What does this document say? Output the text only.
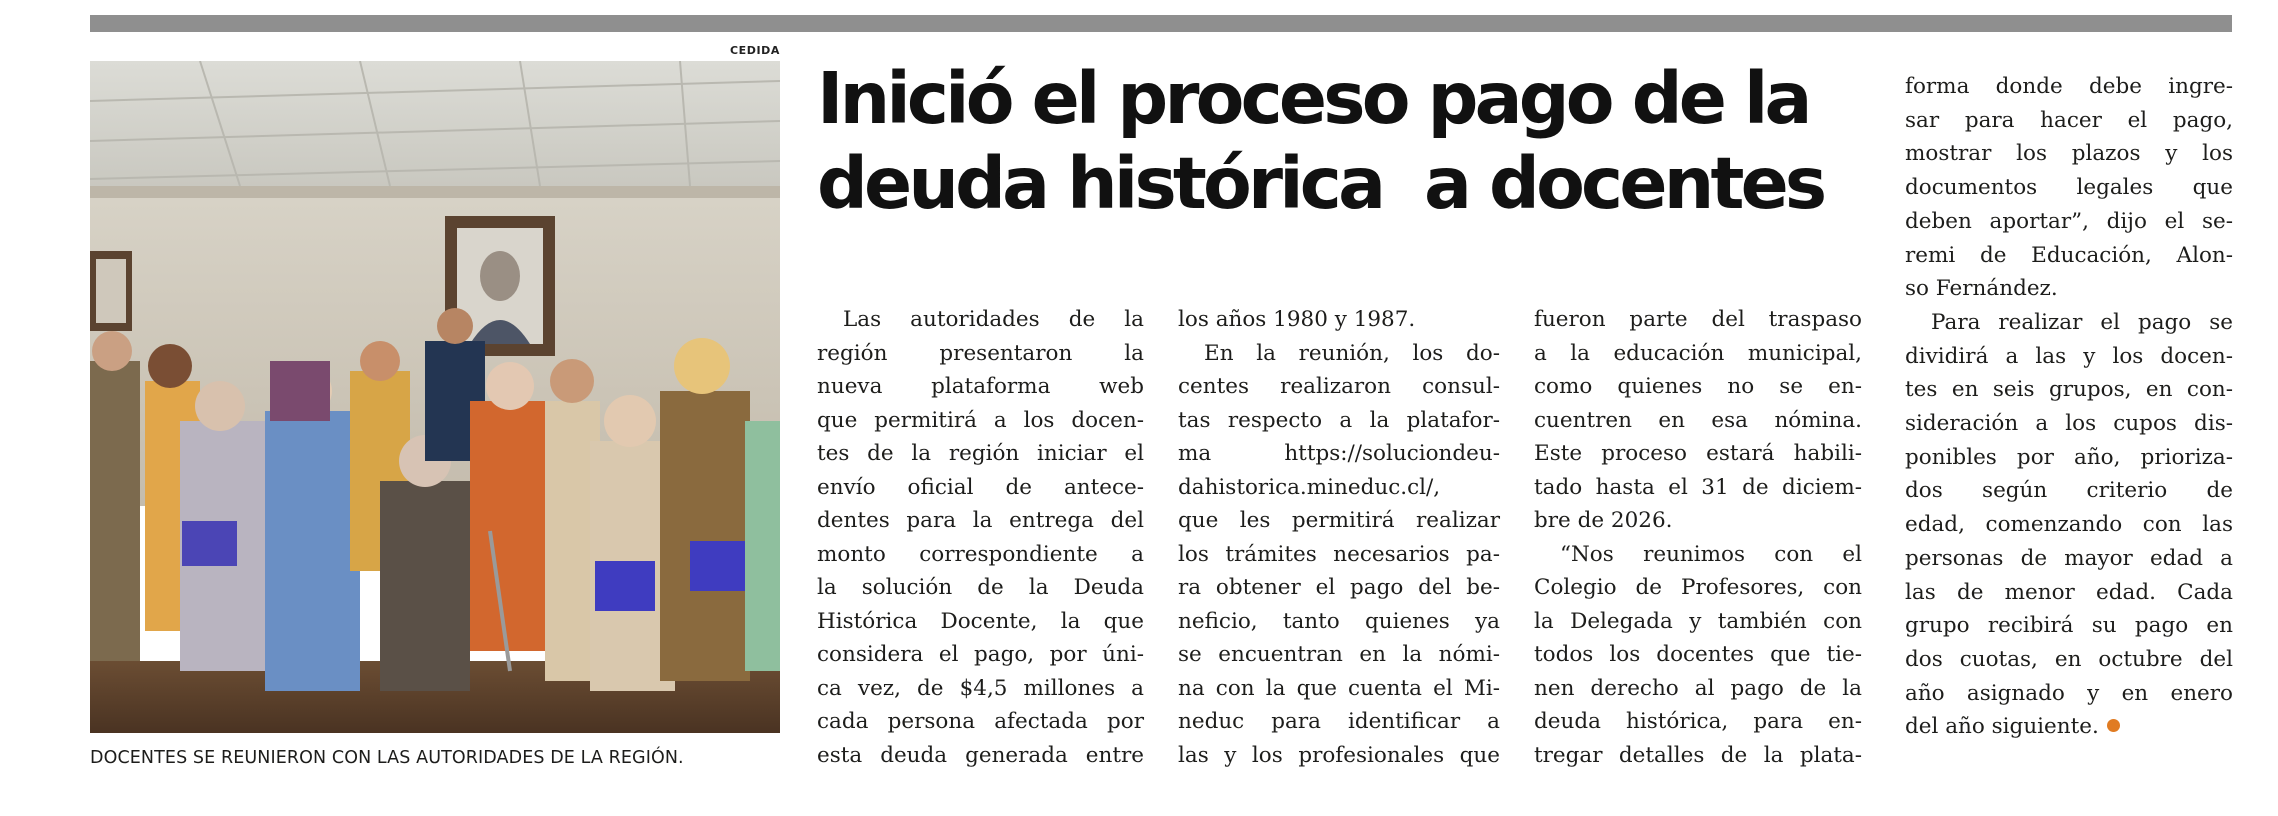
CEDIDA
DOCENTES SE REUNIERON CON LAS AUTORIDADES DE LA REGIÓN.
Inició el proceso pago de la
deuda histórica  a docentes
Las autoridades de la
región presentaron la
nueva plataforma web
que permitirá a los docen-
tes de la región iniciar el
envío oficial de antece-
dentes para la entrega del
monto correspondiente a
la solución de la Deuda
Histórica Docente, la que
considera el pago, por úni-
ca vez, de $4,5 millones a
cada persona afectada por
esta deuda generada entre
los años 1980 y 1987.
En la reunión, los do-
centes realizaron consul-
tas respecto a la platafor-
ma https://solucionde​u-
dahistorica.mineduc.cl/,
que les permitirá realizar
los trámites necesarios pa-
ra obtener el pago del be-
neficio, tanto quienes ya
se encuentran en la nómi-
na con la que cuenta el Mi-
neduc para identificar a
las y los profesionales que
fueron parte del traspaso
a la educación municipal,
como quienes no se en-
cuentren en esa nómina.
Este proceso estará habili-
tado hasta el 31 de diciem-
bre de 2026.
“Nos reunimos con el
Colegio de Profesores, con
la Delegada y también con
todos los docentes que tie-
nen derecho al pago de la
deuda histórica, para en-
tregar detalles de la plata-
forma donde debe ingre-
sar para hacer el pago,
mostrar los plazos y los
documentos legales que
deben aportar”, dijo el se-
remi de Educación, Alon-
so Fernández.
Para realizar el pago se
dividirá a las y los docen-
tes en seis grupos, en con-
sideración a los cupos dis-
ponibles por año, prioriza-
dos según criterio de
edad, comenzando con las
personas de mayor edad a
las de menor edad. Cada
grupo recibirá su pago en
dos cuotas, en octubre del
año asignado y en enero
del año siguiente.
